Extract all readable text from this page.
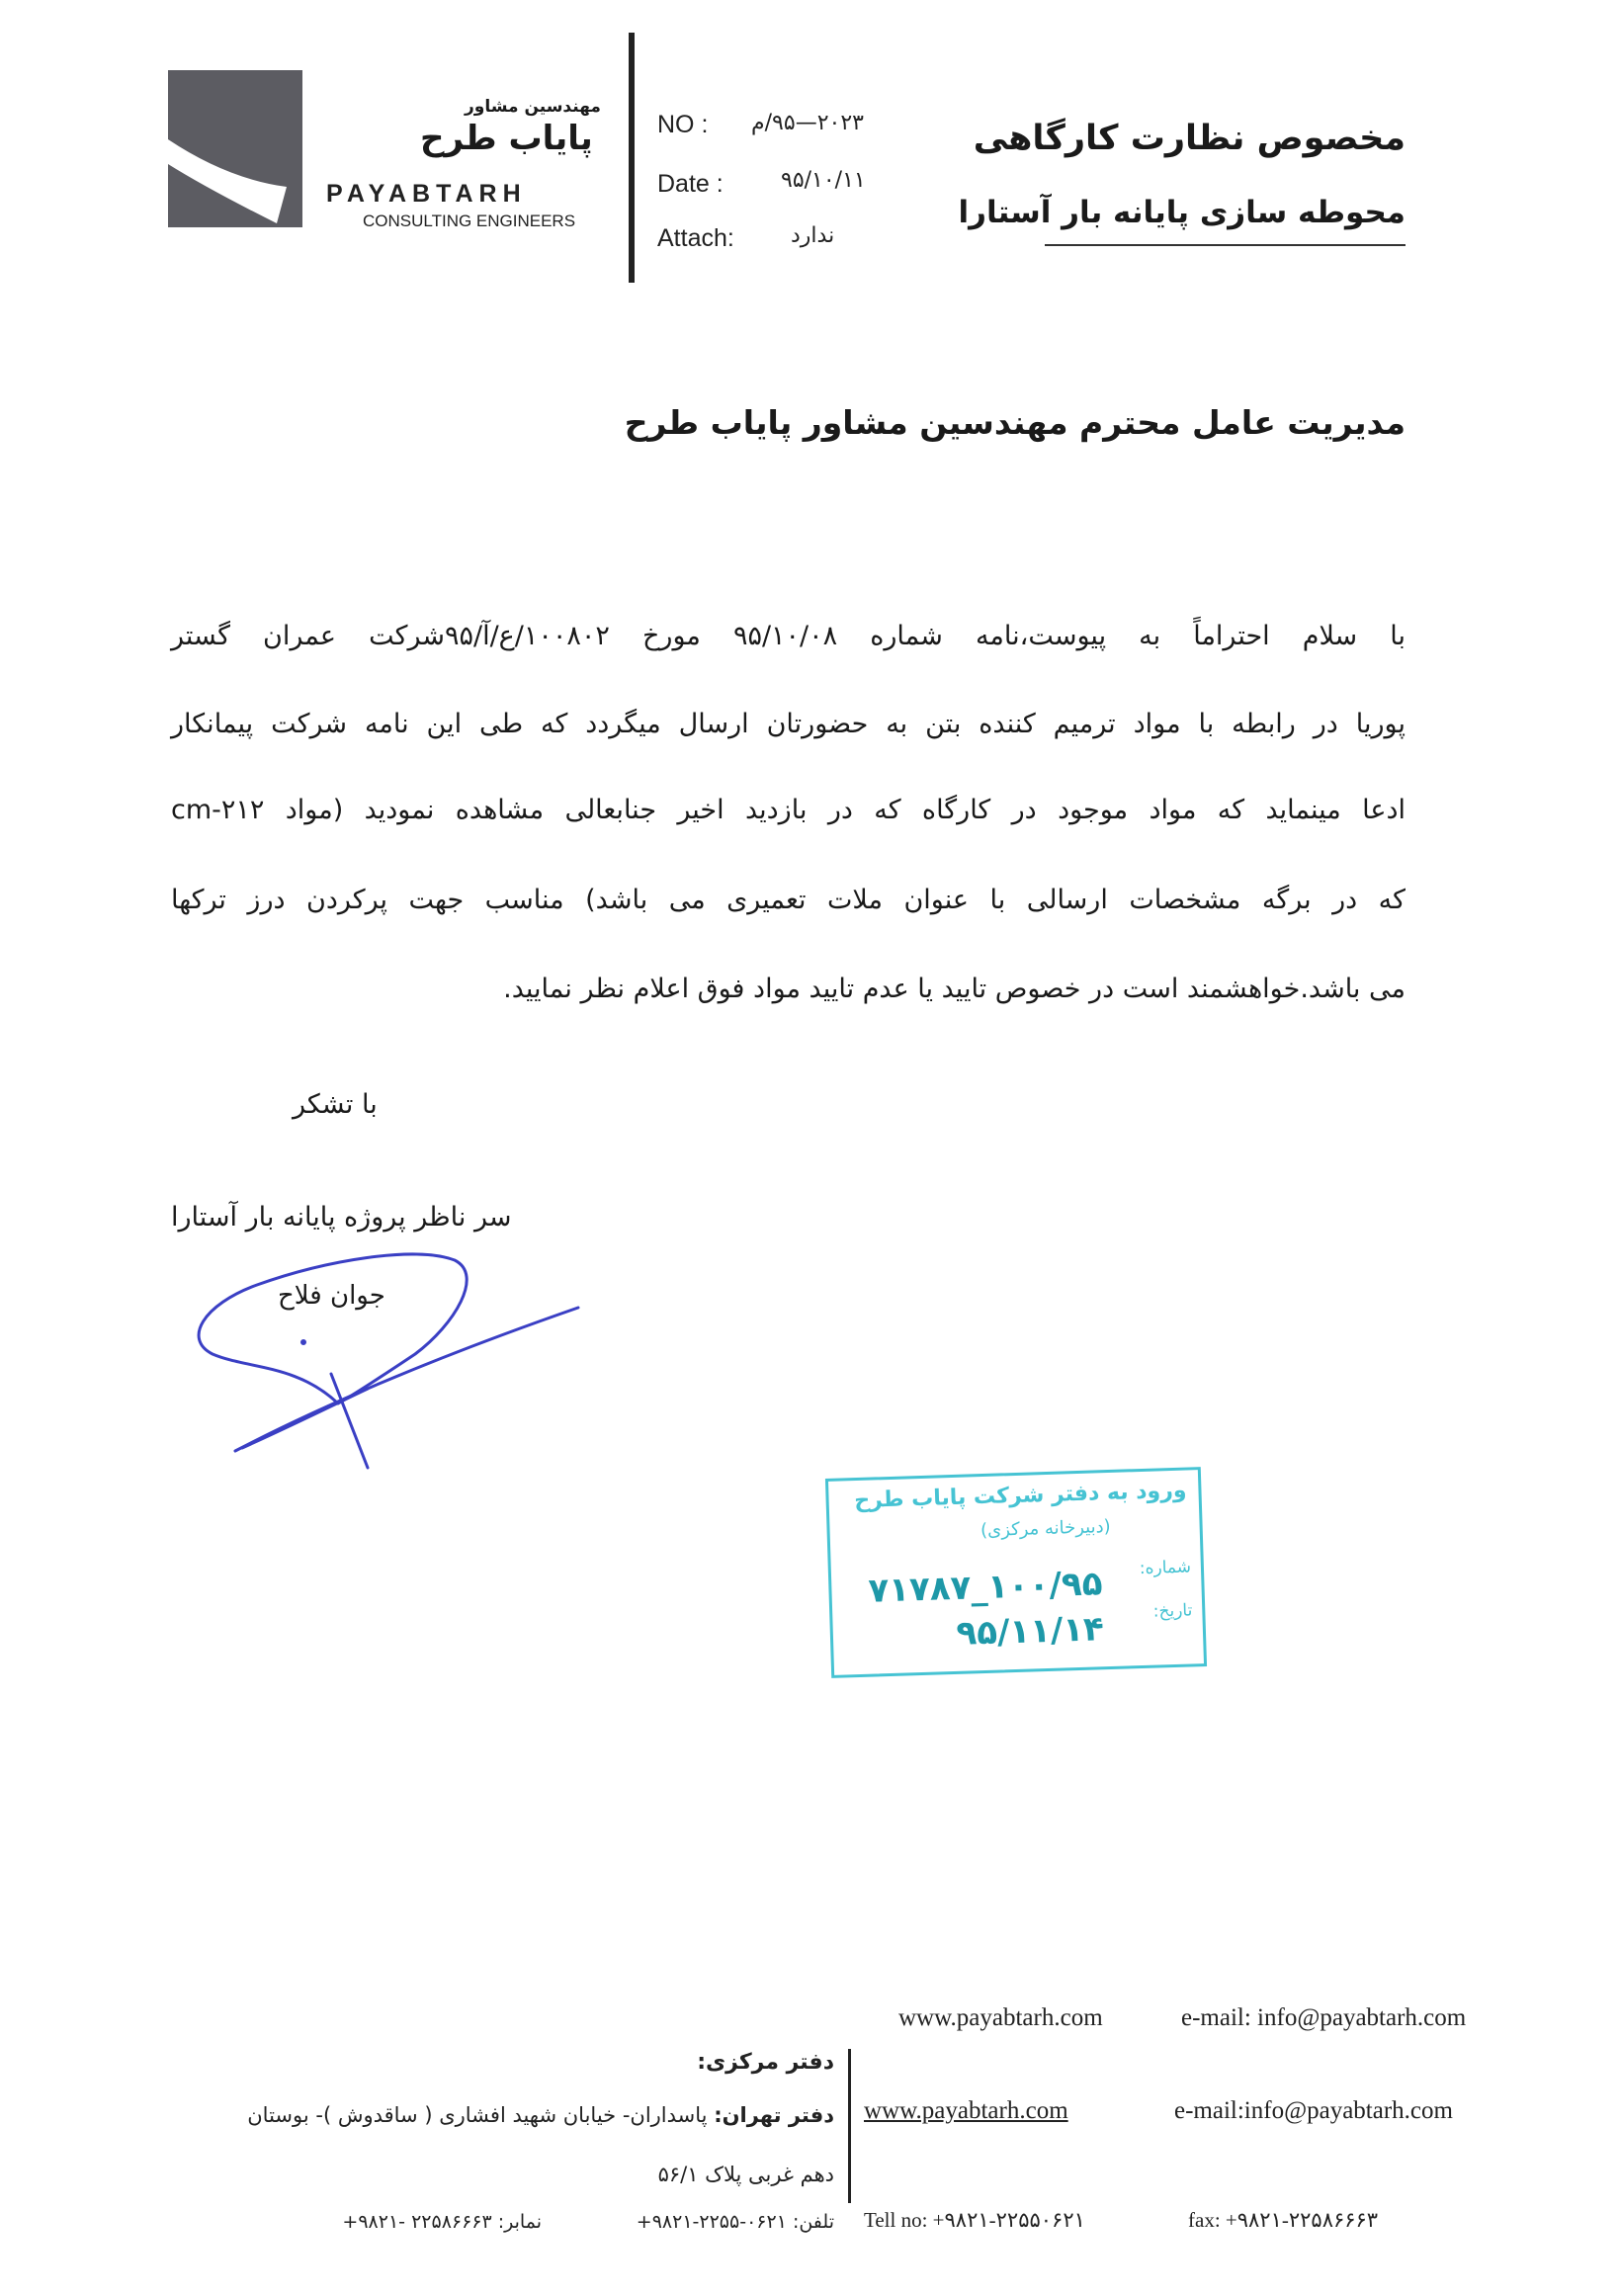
مهندسین مشاور
پایاب طرح
PAYABTARH
CONSULTING ENGINEERS
NO : ۲۰۲۳—۹۵/م
Date :	۹۵/۱۰/۱۱
Attach:	ندارد
مخصوص نظارت کارگاهی
محوطه سازی پایانه بار آستارا
مدیریت عامل محترم مهندسین مشاور پایاب طرح
با سلام احتراماً به پیوست،نامه شماره ۹۵/۱۰/۰۸ مورخ ۱۰۰۸۰۲/ع/آ/۹۵شرکت عمران گستر
پوریا در رابطه با مواد ترمیم کننده بتن به حضورتان ارسال میگردد که طی این نامه شرکت پیمانکار
ادعا مینماید که مواد موجود در کارگاه که در بازدید اخیر جنابعالی مشاهده نمودید (مواد cm-۲۱۲
که در برگه مشخصات ارسالی با عنوان ملات تعمیری می باشد) مناسب جهت پرکردن درز ترکها
می باشد.خواهشمند است در خصوص تایید یا عدم تایید مواد فوق اعلام نظر نمایید.
با تشکر
سر ناظر پروژه پایانه بار آستارا
جوان فلاح
ورود به دفتر شرکت پایاب طرح
(دبیرخانه مرکزی)
شماره:
۱۰۰/۹۵_۷۱۷۸۷
تاریخ:
۹۵/۱۱/۱۴
www.payabtarh.com	e-mail: info@payabtarh.com
دفتر مرکزی:
دفتر تهران: پاسداران- خیابان شهید افشاری ( ساقدوش )- بوستان
دهم غربی پلاک ۵۶/۱
تلفن: ۰۶۲۱-۲۲۵۵-۹۸۲۱+
نمابر: ۲۲۵۸۶۶۶۳ -۹۸۲۱+
www.payabtarh.com	e-mail:info@payabtarh.com
Tell no: +۹۸۲۱-۲۲۵۵۰۶۲۱	fax: +۹۸۲۱-۲۲۵۸۶۶۶۳
